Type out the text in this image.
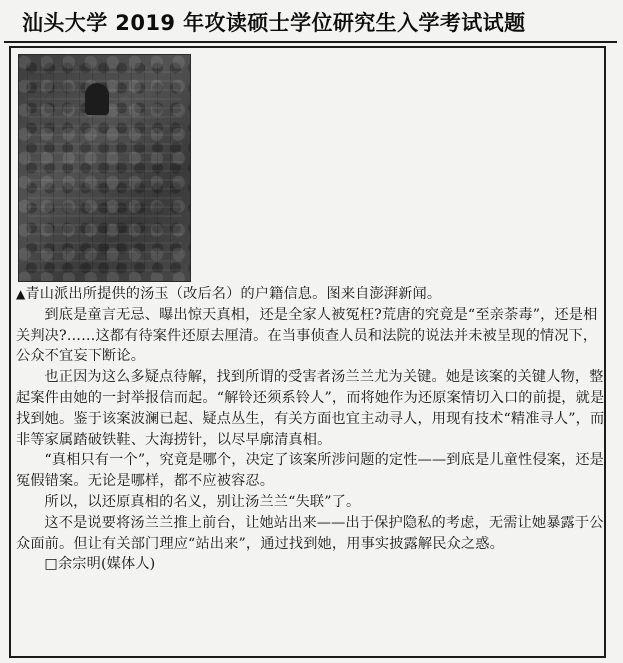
汕头大学 2019 年攻读硕士学位研究生入学考试试题

▲青山派出所提供的汤玉（改后名）的户籍信息。图来自澎湃新闻。

到底是童言无忌、曝出惊天真相，还是全家人被冤枉?荒唐的究竟是“至亲荼毒”，还是相关判决?……这都有待案件还原去厘清。在当事侦查人员和法院的说法并未被呈现的情况下，公众不宜妄下断论。

也正因为这么多疑点待解，找到所谓的受害者汤兰兰尤为关键。她是该案的关键人物，整起案件由她的一封举报信而起。“解铃还须系铃人”，而将她作为还原案情切入口的前提，就是找到她。鉴于该案波澜已起、疑点丛生，有关方面也宜主动寻人，用现有技术“精准寻人”，而非等家属踏破铁鞋、大海捞针，以尽早廓清真相。

“真相只有一个”，究竟是哪个，决定了该案所涉问题的定性——到底是儿童性侵案，还是冤假错案。无论是哪样，都不应被容忍。

所以，以还原真相的名义，别让汤兰兰“失联”了。

这不是说要将汤兰兰推上前台，让她站出来——出于保护隐私的考虑，无需让她暴露于公众面前。但让有关部门理应“站出来”，通过找到她，用事实披露解民众之惑。

□余宗明(媒体人)
